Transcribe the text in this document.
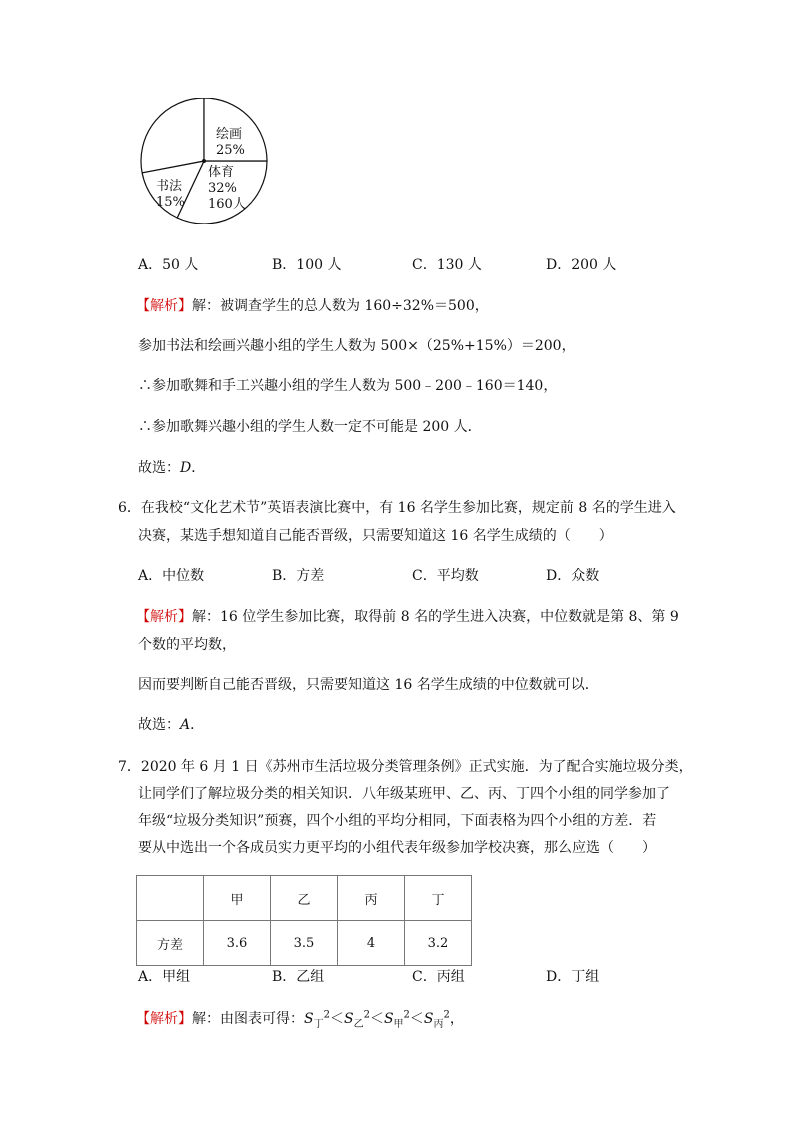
绘画
25%
体育
32%
160人
书法
15%
A．50 人	B．100 人	C．130 人	D．200 人
【解析】解：被调查学生的总人数为 160÷32%＝500，
参加书法和绘画兴趣小组的学生人数为 500×（25%+15%）＝200，
∴参加歌舞和手工兴趣小组的学生人数为 500﹣200﹣160＝140，
∴参加歌舞兴趣小组的学生人数一定不可能是 200 人．
故选：D．
6．在我校“文化艺术节”英语表演比赛中，有 16 名学生参加比赛，规定前 8 名的学生进入
决赛，某选手想知道自己能否晋级，只需要知道这 16 名学生成绩的（　　）
A．中位数	B．方差	C．平均数	D．众数
【解析】解：16 位学生参加比赛，取得前 8 名的学生进入决赛，中位数就是第 8、第 9
个数的平均数，
因而要判断自己能否晋级，只需要知道这 16 名学生成绩的中位数就可以．
故选：A．
7．2020 年 6 月 1 日《苏州市生活垃圾分类管理条例》正式实施．为了配合实施垃圾分类，
让同学们了解垃圾分类的相关知识．八年级某班甲、乙、丙、丁四个小组的同学参加了
年级“垃圾分类知识”预赛，四个小组的平均分相同，下面表格为四个小组的方差．若
要从中选出一个各成员实力更平均的小组代表年级参加学校决赛，那么应选（　　）
	甲	乙	丙	丁
方差	3.6	3.5	4	3.2
A．甲组	B．乙组	C．丙组	D．丁组
【解析】解：由图表可得：$S_丁^2<S_乙^2<S_甲^2<S_丙^2$，
